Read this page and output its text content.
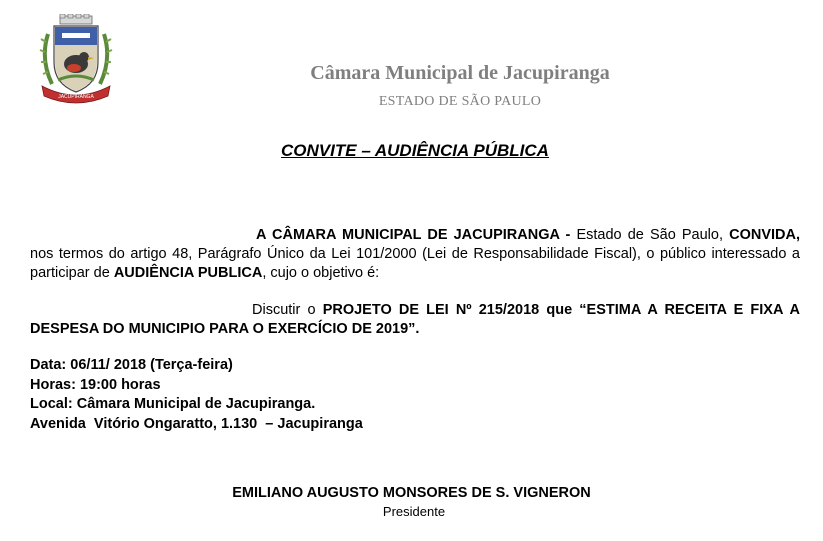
JACUPIRANGA
Câmara Municipal de Jacupiranga
ESTADO DE SÃO PAULO
CONVITE – AUDIÊNCIA PÚBLICA
A CÂMARA MUNICIPAL DE JACUPIRANGA - Estado de São Paulo, CONVIDA, nos termos do artigo 48, Parágrafo Único da Lei 101/2000 (Lei de Responsabilidade Fiscal), o público interessado a participar de AUDIÊNCIA PUBLICA, cujo o objetivo é:
Discutir o PROJETO DE LEI Nº 215/2018 que “ESTIMA A RECEITA E FIXA A DESPESA DO MUNICIPIO PARA O EXERCÍCIO DE 2019”.
Data: 06/11/ 2018 (Terça-feira)
Horas: 19:00 horas
Local: Câmara Municipal de Jacupiranga.
Avenida  Vitório Ongaratto, 1.130  – Jacupiranga
EMILIANO AUGUSTO MONSORES DE S. VIGNERON
Presidente
